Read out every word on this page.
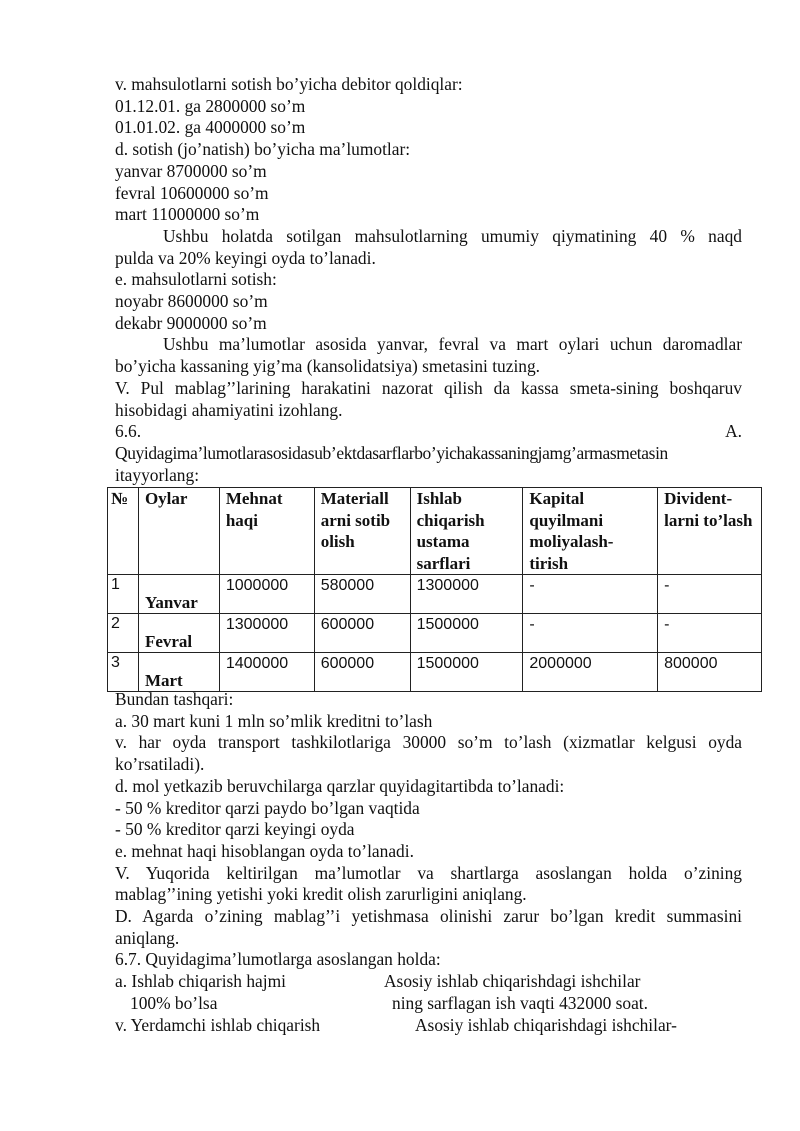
v. mahsulotlarni sotish bo’yicha debitor qoldiqlar:
01.12.01. ga 2800000 so’m
01.01.02. ga 4000000 so’m
d. sotish (jo’natish) bo’yicha ma’lumotlar:
yanvar 8700000 so’m
fevral 10600000 so’m
mart 11000000 so’m
Ushbu holatda sotilgan mahsulotlarning umumiy qiymatining 40 % naqd
pulda va 20% keyingi oyda to’lanadi.
e. mahsulotlarni sotish:
noyabr 8600000 so’m
dekabr 9000000 so’m
Ushbu ma’lumotlar asosida yanvar, fevral va mart oylari uchun daromadlar
bo’yicha kassaning yig’ma (kansolidatsiya) smetasini tuzing.
V. Pul mablag’’larining harakatini nazorat qilish da kassa smeta-sining boshqaruv
hisobidagi ahamiyatini izohlang.
6.6.	A.
Quyidagima’lumotlarasosidasub’ektdasarflarbo’yichakassaningjamg’armasmetasin
itayyorlang:
№	Oylar	Mehnat haqi	Materiall arni sotib olish	Ishlab chiqarish ustama sarflari	Kapital quyilmani moliyalash-tirish	Divident-larni to’lash
1	Yanvar	1000000	580000	1300000	-	-
2	Fevral	1300000	600000	1500000	-	-
3	Mart	1400000	600000	1500000	2000000	800000
Bundan tashqari:
a. 30 mart kuni 1 mln so’mlik kreditni to’lash
v. har oyda transport tashkilotlariga 30000 so’m to’lash (xizmatlar kelgusi oyda
ko’rsatiladi).
d. mol yetkazib beruvchilarga qarzlar quyidagitartibda to’lanadi:
- 50 % kreditor qarzi paydo bo’lgan vaqtida
- 50 % kreditor qarzi keyingi oyda
e. mehnat haqi hisoblangan oyda to’lanadi.
V. Yuqorida keltirilgan ma’lumotlar va shartlarga asoslangan holda o’zining
mablag’’ining yetishi yoki kredit olish zarurligini aniqlang.
D. Agarda o’zining mablag’’i yetishmasa olinishi zarur bo’lgan kredit summasini
aniqlang.
6.7. Quyidagima’lumotlarga asoslangan holda:
a. Ishlab chiqarish hajmi	Asosiy ishlab chiqarishdagi ishchilar
100% bo’lsa	ning sarflagan ish vaqti 432000 soat.
v. Yerdamchi ishlab chiqarish	Asosiy ishlab chiqarishdagi ishchilar-
